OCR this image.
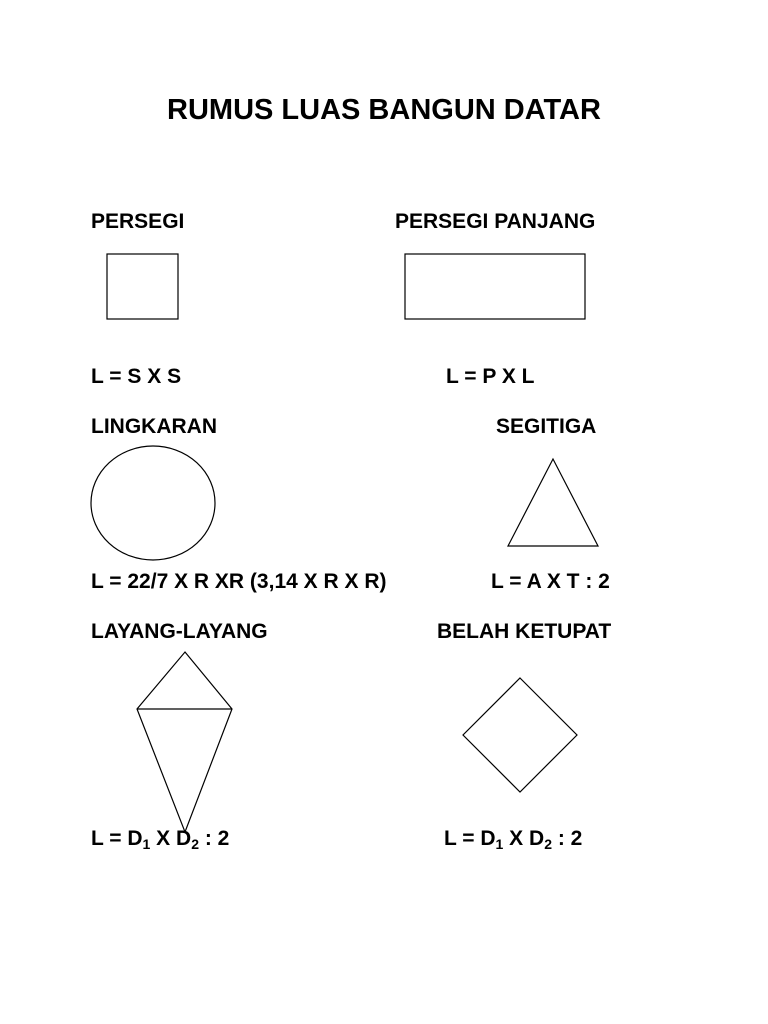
RUMUS LUAS BANGUN DATAR
PERSEGI	PERSEGI PANJANG
L = S X S	L = P X L
LINGKARAN	SEGITIGA
L = 22/7 X R XR (3,14 X R X R)	L = A X T : 2
LAYANG-LAYANG	BELAH KETUPAT
$L = D_1$ X $D_2$ : 2	$L = D_1$ X $D_2$ : 2
